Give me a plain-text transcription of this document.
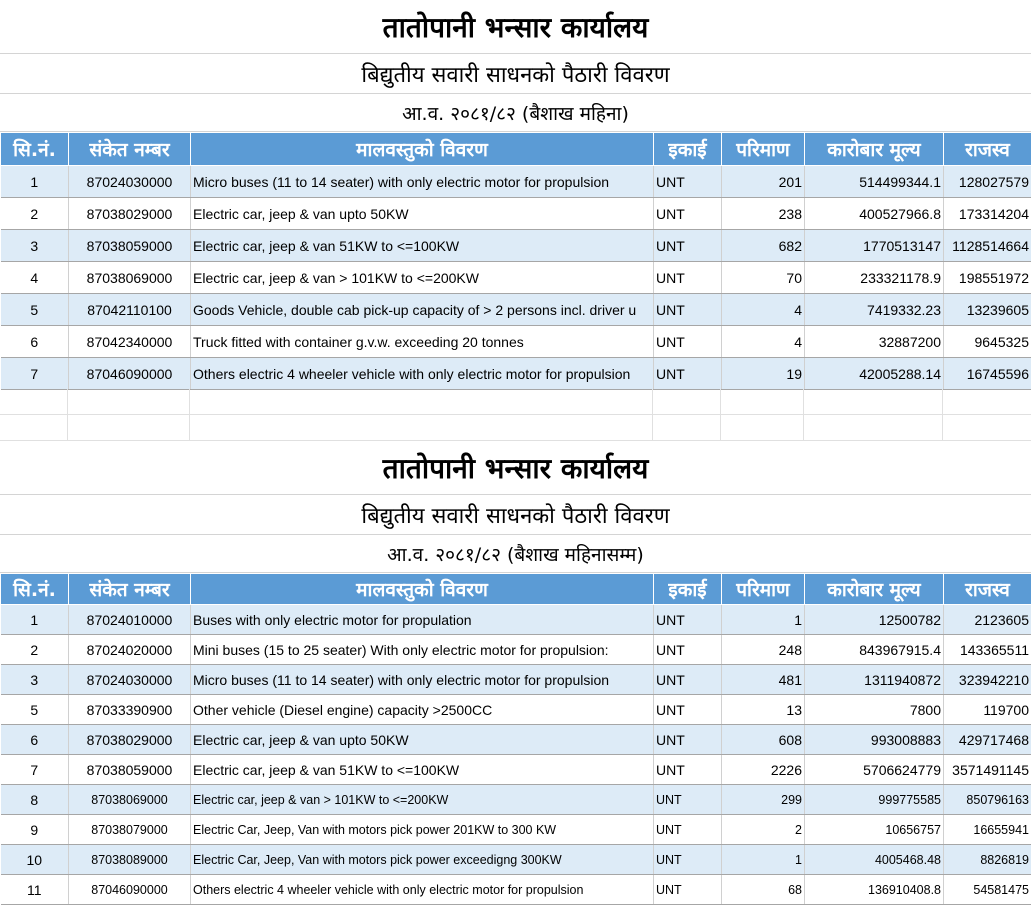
तातोपानी भन्सार कार्यालय
बिद्युतीय सवारी साधनको पैठारी विवरण
आ.व. २०८१/८२ (बैशाख महिना)
सि.नं.	संकेत नम्बर	मालवस्तुको विवरण	इकाई	परिमाण	कारोबार मूल्य	राजस्व
1	87024030000	Micro buses (11 to 14 seater) with only electric motor for propulsion	UNT	201	514499344.1	128027579
2	87038029000	Electric car, jeep & van upto 50KW	UNT	238	400527966.8	173314204
3	87038059000	Electric car, jeep & van 51KW to <=100KW	UNT	682	1770513147	1128514664
4	87038069000	Electric car, jeep & van > 101KW to <=200KW	UNT	70	233321178.9	198551972
5	87042110100	Goods Vehicle, double cab pick-up capacity of > 2 persons incl. driver u	UNT	4	7419332.23	13239605
6	87042340000	Truck fitted with container g.v.w. exceeding 20 tonnes	UNT	4	32887200	9645325
7	87046090000	Others electric 4 wheeler vehicle with only electric motor for propulsion	UNT	19	42005288.14	16745596
तातोपानी भन्सार कार्यालय
बिद्युतीय सवारी साधनको पैठारी विवरण
आ.व. २०८१/८२ (बैशाख महिनासम्म)
सि.नं.	संकेत नम्बर	मालवस्तुको विवरण	इकाई	परिमाण	कारोबार मूल्य	राजस्व
1	87024010000	Buses with only electric motor for propulation	UNT	1	12500782	2123605
2	87024020000	Mini buses (15 to 25 seater) With only electric motor for propulsion:	UNT	248	843967915.4	143365511
3	87024030000	Micro buses (11 to 14 seater) with only electric motor for propulsion	UNT	481	1311940872	323942210
5	87033390900	Other vehicle (Diesel engine) capacity >2500CC	UNT	13	7800	119700
6	87038029000	Electric car, jeep & van upto 50KW	UNT	608	993008883	429717468
7	87038059000	Electric car, jeep & van 51KW to <=100KW	UNT	2226	5706624779	3571491145
8	87038069000	Electric car, jeep & van > 101KW to <=200KW	UNT	299	999775585	850796163
9	87038079000	Electric Car, Jeep, Van with motors pick power 201KW to 300 KW	UNT	2	10656757	16655941
10	87038089000	Electric Car, Jeep, Van with motors pick power exceedigng 300KW	UNT	1	4005468.48	8826819
11	87046090000	Others electric 4 wheeler vehicle with only electric motor for propulsion	UNT	68	136910408.8	54581475
